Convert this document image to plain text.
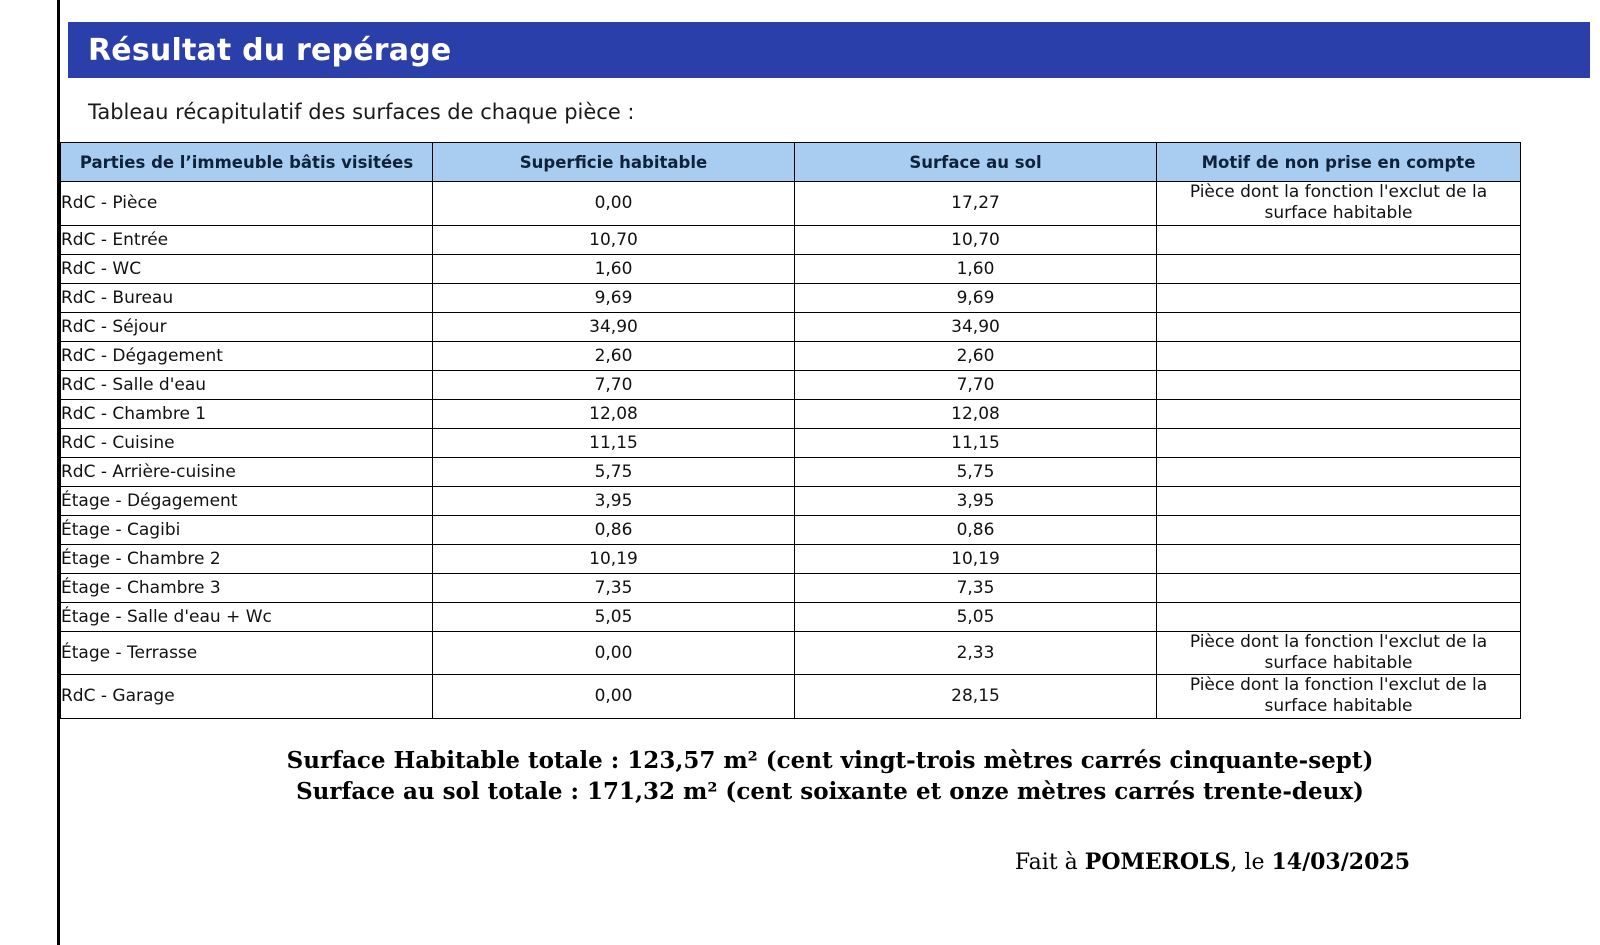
Résultat du repérage
Tableau récapitulatif des surfaces de chaque pièce :
Parties de l’immeuble bâtis visitées	Superficie habitable	Surface au sol	Motif de non prise en compte
RdC - Pièce	0,00	17,27	Pièce dont la fonction l'exclut de la surface habitable
RdC - Entrée	10,70	10,70	
RdC - WC	1,60	1,60	
RdC - Bureau	9,69	9,69	
RdC - Séjour	34,90	34,90	
RdC - Dégagement	2,60	2,60	
RdC - Salle d'eau	7,70	7,70	
RdC - Chambre 1	12,08	12,08	
RdC - Cuisine	11,15	11,15	
RdC - Arrière-cuisine	5,75	5,75	
Étage - Dégagement	3,95	3,95	
Étage - Cagibi	0,86	0,86	
Étage - Chambre 2	10,19	10,19	
Étage - Chambre 3	7,35	7,35	
Étage - Salle d'eau + Wc	5,05	5,05	
Étage - Terrasse	0,00	2,33	Pièce dont la fonction l'exclut de la surface habitable
RdC - Garage	0,00	28,15	Pièce dont la fonction l'exclut de la surface habitable
Surface Habitable totale : 123,57 m² (cent vingt-trois mètres carrés cinquante-sept)
Surface au sol totale : 171,32 m² (cent soixante et onze mètres carrés trente-deux)
Fait à POMEROLS, le 14/03/2025
